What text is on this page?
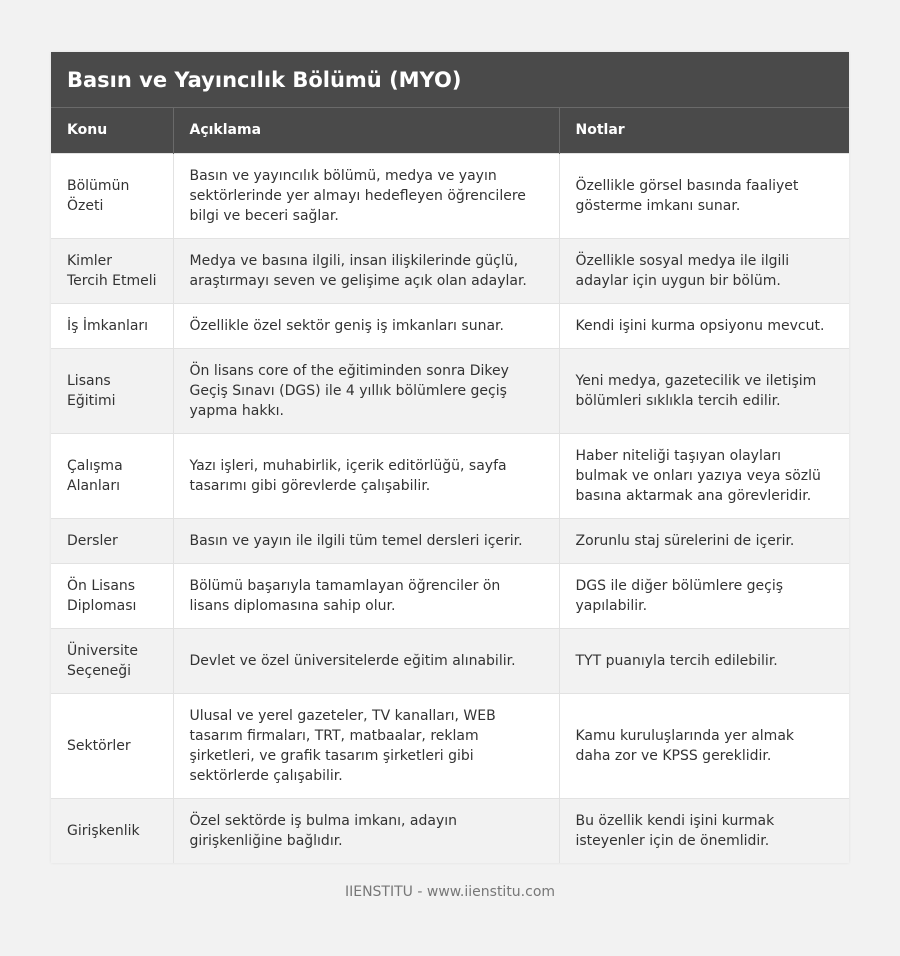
Basın ve Yayıncılık Bölümü (MYO)
Konu	Açıklama	Notlar
Bölümün Özeti	Basın ve yayıncılık bölümü, medya ve yayın sektörlerinde yer almayı hedefleyen öğrencilere bilgi ve beceri sağlar.	Özellikle görsel basında faaliyet gösterme imkanı sunar.
Kimler Tercih Etmeli	Medya ve basına ilgili, insan ilişkilerinde güçlü, araştırmayı seven ve gelişime açık olan adaylar.	Özellikle sosyal medya ile ilgili adaylar için uygun bir bölüm.
İş İmkanları	Özellikle özel sektör geniş iş imkanları sunar.	Kendi işini kurma opsiyonu mevcut.
Lisans Eğitimi	Ön lisans core of the eğitiminden sonra Dikey Geçiş Sınavı (DGS) ile 4 yıllık bölümlere geçiş yapma hakkı.	Yeni medya, gazetecilik ve iletişim bölümleri sıklıkla tercih edilir.
Çalışma Alanları	Yazı işleri, muhabirlik, içerik editörlüğü, sayfa tasarımı gibi görevlerde çalışabilir.	Haber niteliği taşıyan olayları bulmak ve onları yazıya veya sözlü basına aktarmak ana görevleridir.
Dersler	Basın ve yayın ile ilgili tüm temel dersleri içerir.	Zorunlu staj sürelerini de içerir.
Ön Lisans Diploması	Bölümü başarıyla tamamlayan öğrenciler ön lisans diplomasına sahip olur.	DGS ile diğer bölümlere geçiş yapılabilir.
Üniversite Seçeneği	Devlet ve özel üniversitelerde eğitim alınabilir.	TYT puanıyla tercih edilebilir.
Sektörler	Ulusal ve yerel gazeteler, TV kanalları, WEB tasarım firmaları, TRT, matbaalar, reklam şirketleri, ve grafik tasarım şirketleri gibi sektörlerde çalışabilir.	Kamu kuruluşlarında yer almak daha zor ve KPSS gereklidir.
Girişkenlik	Özel sektörde iş bulma imkanı, adayın girişkenliğine bağlıdır.	Bu özellik kendi işini kurmak isteyenler için de önemlidir.
IIENSTITU - www.iienstitu.com
